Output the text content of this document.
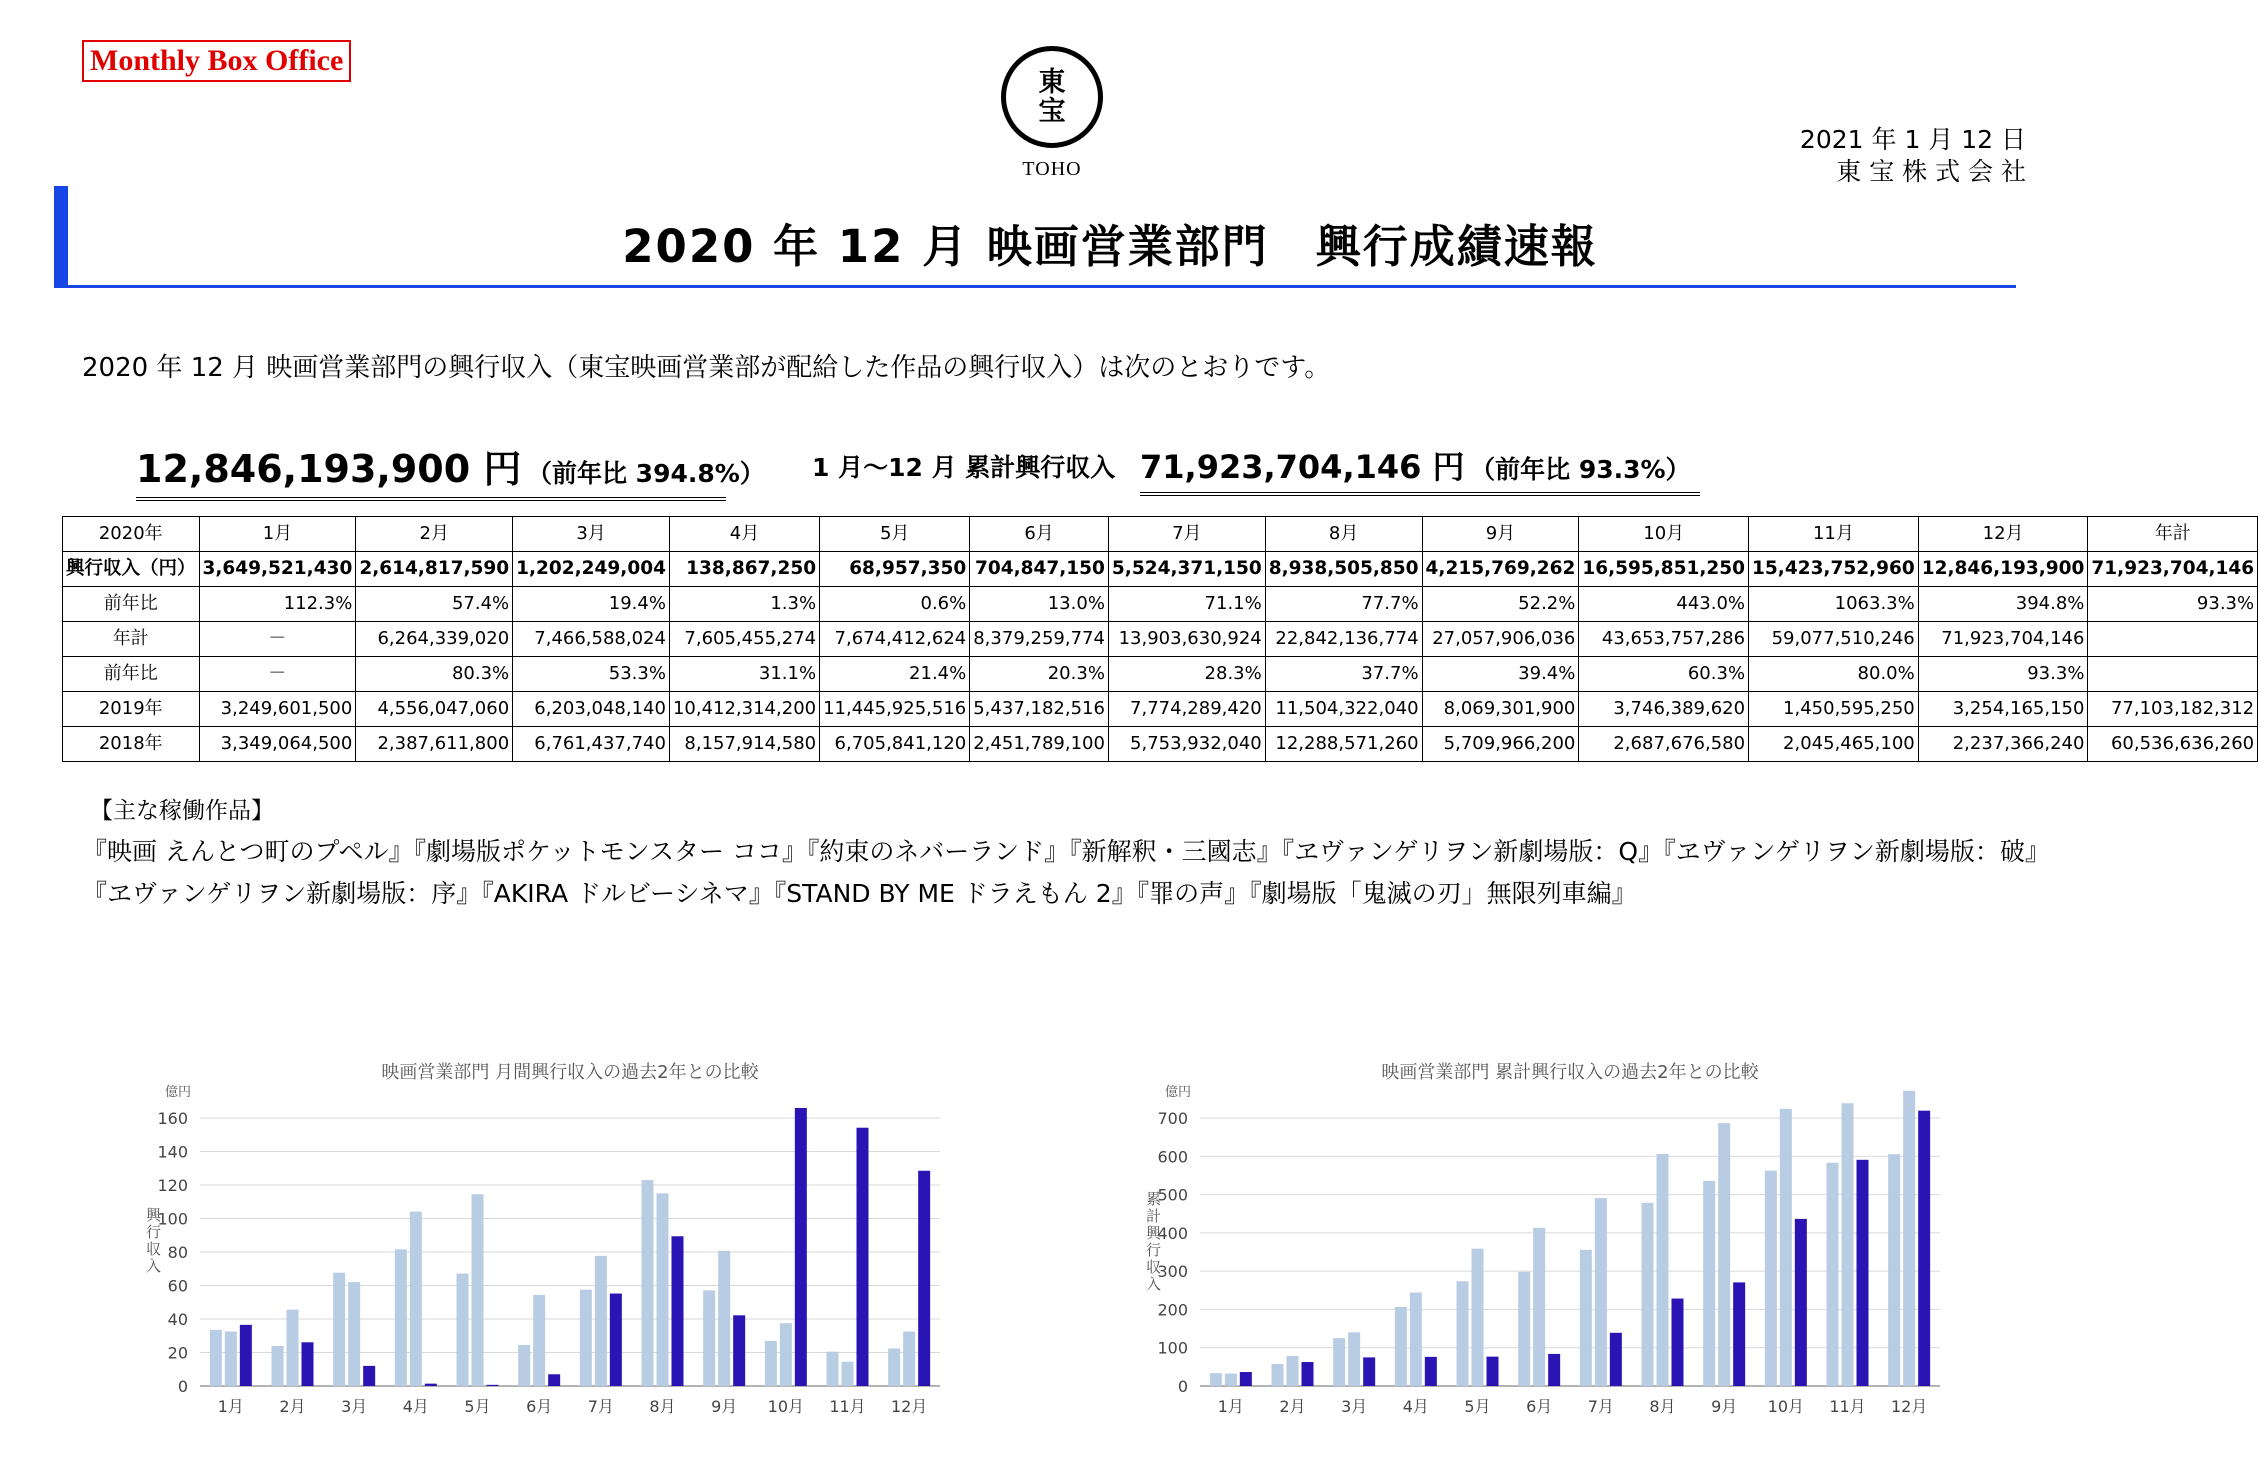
Monthly Box Office
東
宝
TOHO
2021 年 1 月 12 日
東 宝 株 式 会 社
2020 年 12 月 映画営業部門　興行成績速報
2020 年 12 月 映画営業部門の興行収入（東宝映画営業部が配給した作品の興行収入）は次のとおりです。
12,846,193,900 円 （前年比 394.8%） 1 月～12 月 累計興行収入 71,923,704,146 円 （前年比 93.3%）
2020年	1月	2月	3月	4月	5月	6月	7月	8月	9月	10月	11月	12月	年計
興行収入（円）	3,649,521,430	2,614,817,590	1,202,249,004	138,867,250	68,957,350	704,847,150	5,524,371,150	8,938,505,850	4,215,769,262	16,595,851,250	15,423,752,960	12,846,193,900	71,923,704,146
前年比	112.3%	57.4%	19.4%	1.3%	0.6%	13.0%	71.1%	77.7%	52.2%	443.0%	1063.3%	394.8%	93.3%
年計	－	6,264,339,020	7,466,588,024	7,605,455,274	7,674,412,624	8,379,259,774	13,903,630,924	22,842,136,774	27,057,906,036	43,653,757,286	59,077,510,246	71,923,704,146	
前年比	－	80.3%	53.3%	31.1%	21.4%	20.3%	28.3%	37.7%	39.4%	60.3%	80.0%	93.3%	
2019年	3,249,601,500	4,556,047,060	6,203,048,140	10,412,314,200	11,445,925,516	5,437,182,516	7,774,289,420	11,504,322,040	8,069,301,900	3,746,389,620	1,450,595,250	3,254,165,150	77,103,182,312
2018年	3,349,064,500	2,387,611,800	6,761,437,740	8,157,914,580	6,705,841,120	2,451,789,100	5,753,932,040	12,288,571,260	5,709,966,200	2,687,676,580	2,045,465,100	2,237,366,240	60,536,636,260
【主な稼働作品】
『映画 えんとつ町のプペル』『劇場版ポケットモンスター ココ』『約束のネバーランド』『新解釈・三國志』『ヱヴァンゲリヲン新劇場版：Q』『ヱヴァンゲリヲン新劇場版：破』
『ヱヴァンゲリヲン新劇場版：序』『AKIRA ドルビーシネマ』『STAND BY ME ドラえもん 2』『罪の声』『劇場版「鬼滅の刃」無限列車編』
映画営業部門 月間興行収入の過去2年との比較
億円
0
20
40
60
80
100
120
140
160
興行収入
1月 2月 3月 4月 5月 6月 7月 8月 9月 10月 11月 12月
映画営業部門 累計興行収入の過去2年との比較
億円
0
100
200
300
400
500
600
700
累計興行収入
1月 2月 3月 4月 5月 6月 7月 8月 9月 10月 11月 12月
